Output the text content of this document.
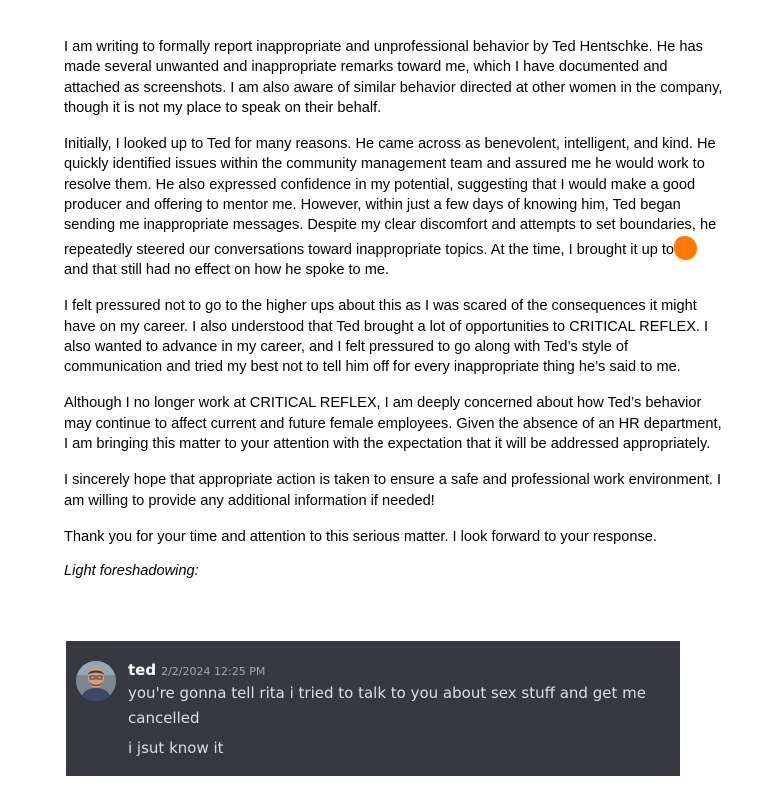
I am writing to formally report inappropriate and unprofessional behavior by Ted Hentschke. He has made several unwanted and inappropriate remarks toward me, which I have documented and attached as screenshots. I am also aware of similar behavior directed at other women in the company, though it is not my place to speak on their behalf.

Initially, I looked up to Ted for many reasons. He came across as benevolent, intelligent, and kind. He quickly identified issues within the community management team and assured me he would work to resolve them. He also expressed confidence in my potential, suggesting that I would make a good producer and offering to mentor me. However, within just a few days of knowing him, Ted began sending me inappropriate messages. Despite my clear discomfort and attempts to set boundaries, he repeatedly steered our conversations toward inappropriate topics. At the time, I brought it up to and that still had no effect on how he spoke to me.

I felt pressured not to go to the higher ups about this as I was scared of the consequences it might have on my career. I also understood that Ted brought a lot of opportunities to CRITICAL REFLEX. I also wanted to advance in my career, and I felt pressured to go along with Ted’s style of communication and tried my best not to tell him off for every inappropriate thing he’s said to me.

Although I no longer work at CRITICAL REFLEX, I am deeply concerned about how Ted’s behavior may continue to affect current and future female employees. Given the absence of an HR department, I am bringing this matter to your attention with the expectation that it will be addressed appropriately.

I sincerely hope that appropriate action is taken to ensure a safe and professional work environment. I am willing to provide any additional information if needed!

Thank you for your time and attention to this serious matter. I look forward to your response.

Light foreshadowing:

ted 2/2/2024 12:25 PM
you're gonna tell rita i tried to talk to you about sex stuff and get me
cancelled
i jsut know it
